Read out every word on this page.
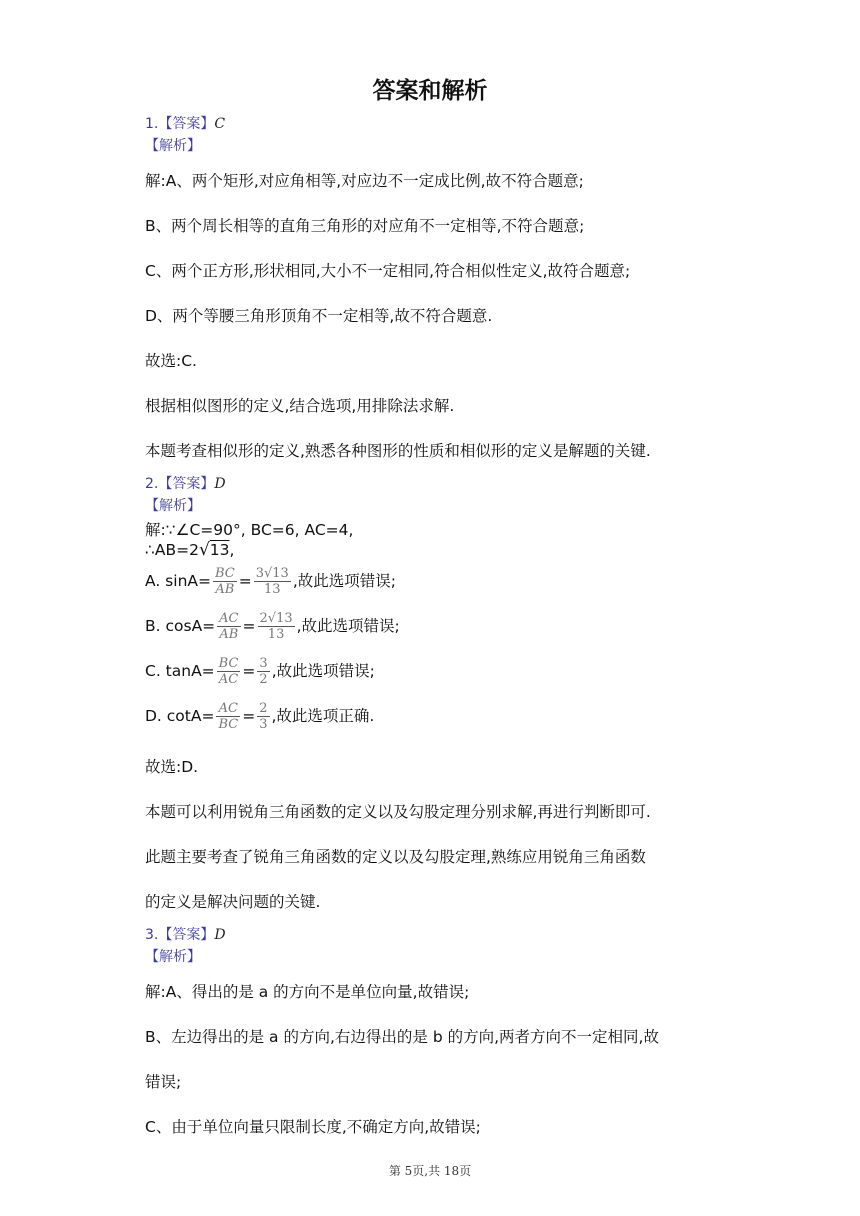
答案和解析
1.【答案】C
【解析】
解:A、两个矩形,对应角相等,对应边不一定成比例,故不符合题意;
B、两个周长相等的直角三角形的对应角不一定相等,不符合题意;
C、两个正方形,形状相同,大小不一定相同,符合相似性定义,故符合题意;
D、两个等腰三角形顶角不一定相等,故不符合题意.
故选:C.
根据相似图形的定义,结合选项,用排除法求解.
本题考查相似形的定义,熟悉各种图形的性质和相似形的定义是解题的关键.
2.【答案】D
【解析】
解:∵∠C=90°, BC=6, AC=4,
∴AB=2√13,
A. $\sin A= \frac{BC}{AB} = \frac{3√13}{13}$ ,故此选项错误;
B. $\cos A= \frac{AC}{AB} = \frac{2√13}{13}$ ,故此选项错误;
C. $\tan A= \frac{BC}{AC} = \frac{3}{2}$ ,故此选项错误;
D. $\cot A= \frac{AC}{BC} = \frac{2}{3}$ ,故此选项正确.
故选:D.
本题可以利用锐角三角函数的定义以及勾股定理分别求解,再进行判断即可.
此题主要考查了锐角三角函数的定义以及勾股定理,熟练应用锐角三角函数
的定义是解决问题的关键.
3.【答案】D
【解析】
解:A、得出的是 a 的方向不是单位向量,故错误;
B、左边得出的是 a 的方向,右边得出的是 b 的方向,两者方向不一定相同,故
错误;
C、由于单位向量只限制长度,不确定方向,故错误;
第 5页,共 18页
